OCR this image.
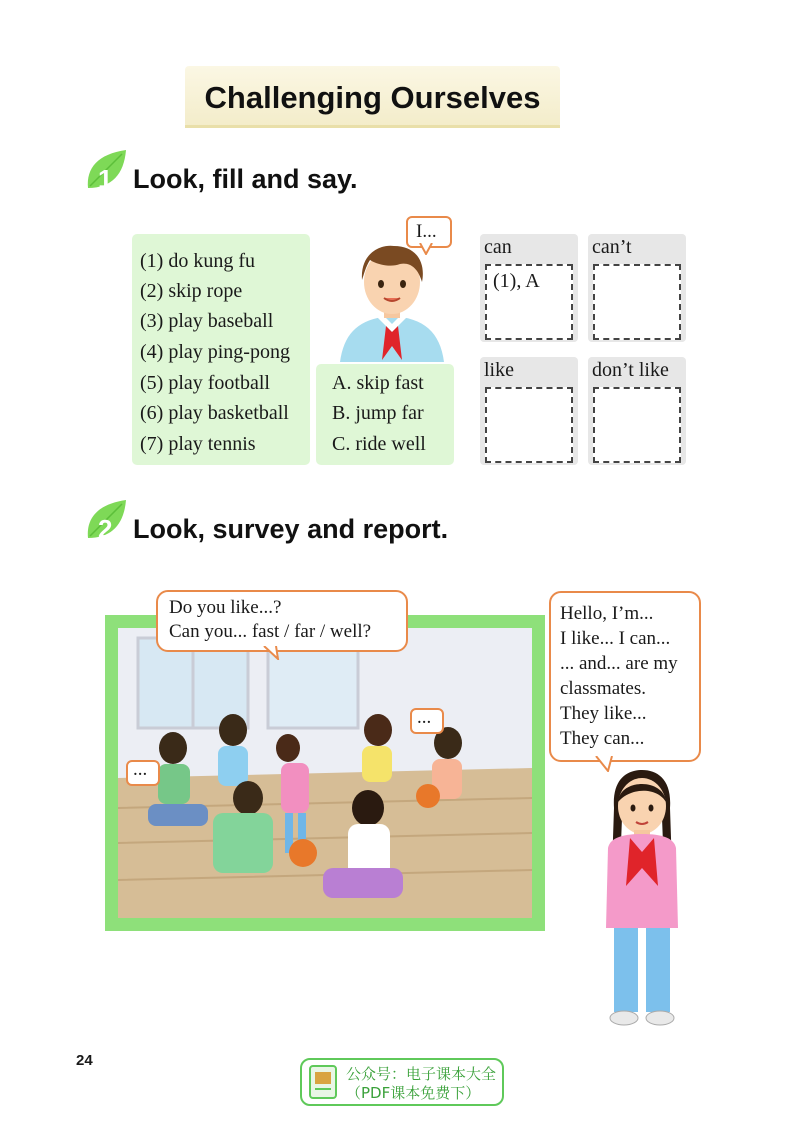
Challenging Ourselves
1 Look, fill and say.
(1) do kung fu
(2) skip rope
(3) play baseball
(4) play ping-pong
(5) play football
(6) play basketball
(7) play tennis
I...
A. skip fast
B. jump far
C. ride well
can
(1), A
can’t
like	don’t like
2 Look, survey and report.
Do you like...?
Can you... fast / far / well?
...
...
Hello, I’m...
I like... I can...
... and... are my
classmates.
They like...
They can...
24
公众号：电子课本大全
（PDF课本免费下）
